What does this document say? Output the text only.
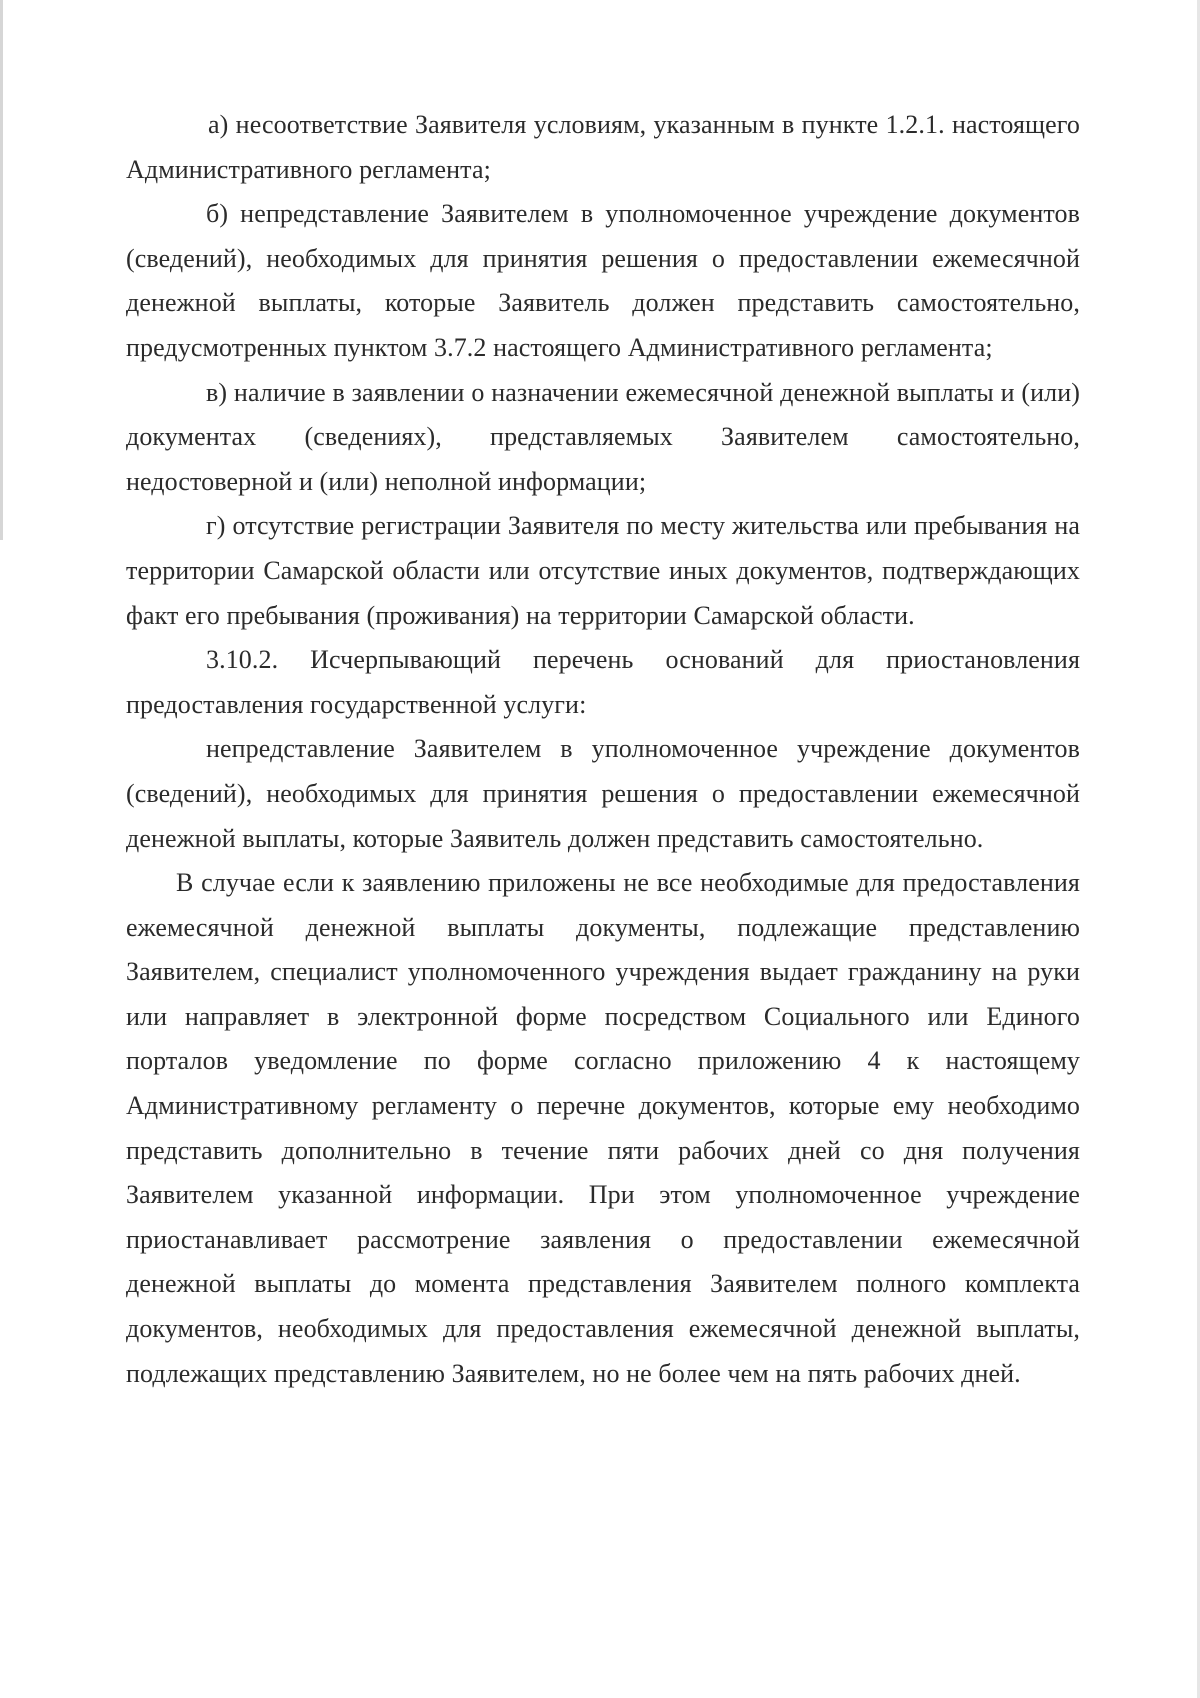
а) несоответствие Заявителя условиям, указанным в пункте 1.2.1. настоящего Административного регламента;

б) непредставление Заявителем в уполномоченное учреждение документов (сведений), необходимых для принятия решения о предоставлении ежемесячной денежной выплаты, которые Заявитель должен представить самостоятельно, предусмотренных пунктом 3.7.2 настоящего Административного регламента;

в) наличие в заявлении о назначении ежемесячной денежной выплаты и (или) документах (сведениях), представляемых Заявителем самостоятельно, недостоверной и (или) неполной информации;

г) отсутствие регистрации Заявителя по месту жительства или пребывания на территории Самарской области или отсутствие иных документов, подтверждающих факт его пребывания (проживания) на территории Самарской области.

3.10.2. Исчерпывающий перечень оснований для приостановления предоставления государственной услуги:

непредставление Заявителем в уполномоченное учреждение документов (сведений), необходимых для принятия решения о предоставлении ежемесячной денежной выплаты, которые Заявитель должен представить самостоятельно.

В случае если к заявлению приложены не все необходимые для предоставления ежемесячной денежной выплаты документы, подлежащие представлению Заявителем, специалист уполномоченного учреждения выдает гражданину на руки или направляет в электронной форме посредством Социального или Единого порталов уведомление по форме согласно приложению 4 к настоящему Административному регламенту о перечне документов, которые ему необходимо представить дополнительно в течение пяти рабочих дней со дня получения Заявителем указанной информации. При этом уполномоченное учреждение приостанавливает рассмотрение заявления о предоставлении ежемесячной денежной выплаты до момента представления Заявителем полного комплекта документов, необходимых для предоставления ежемесячной денежной выплаты, подлежащих представлению Заявителем, но не более чем на пять рабочих дней.
